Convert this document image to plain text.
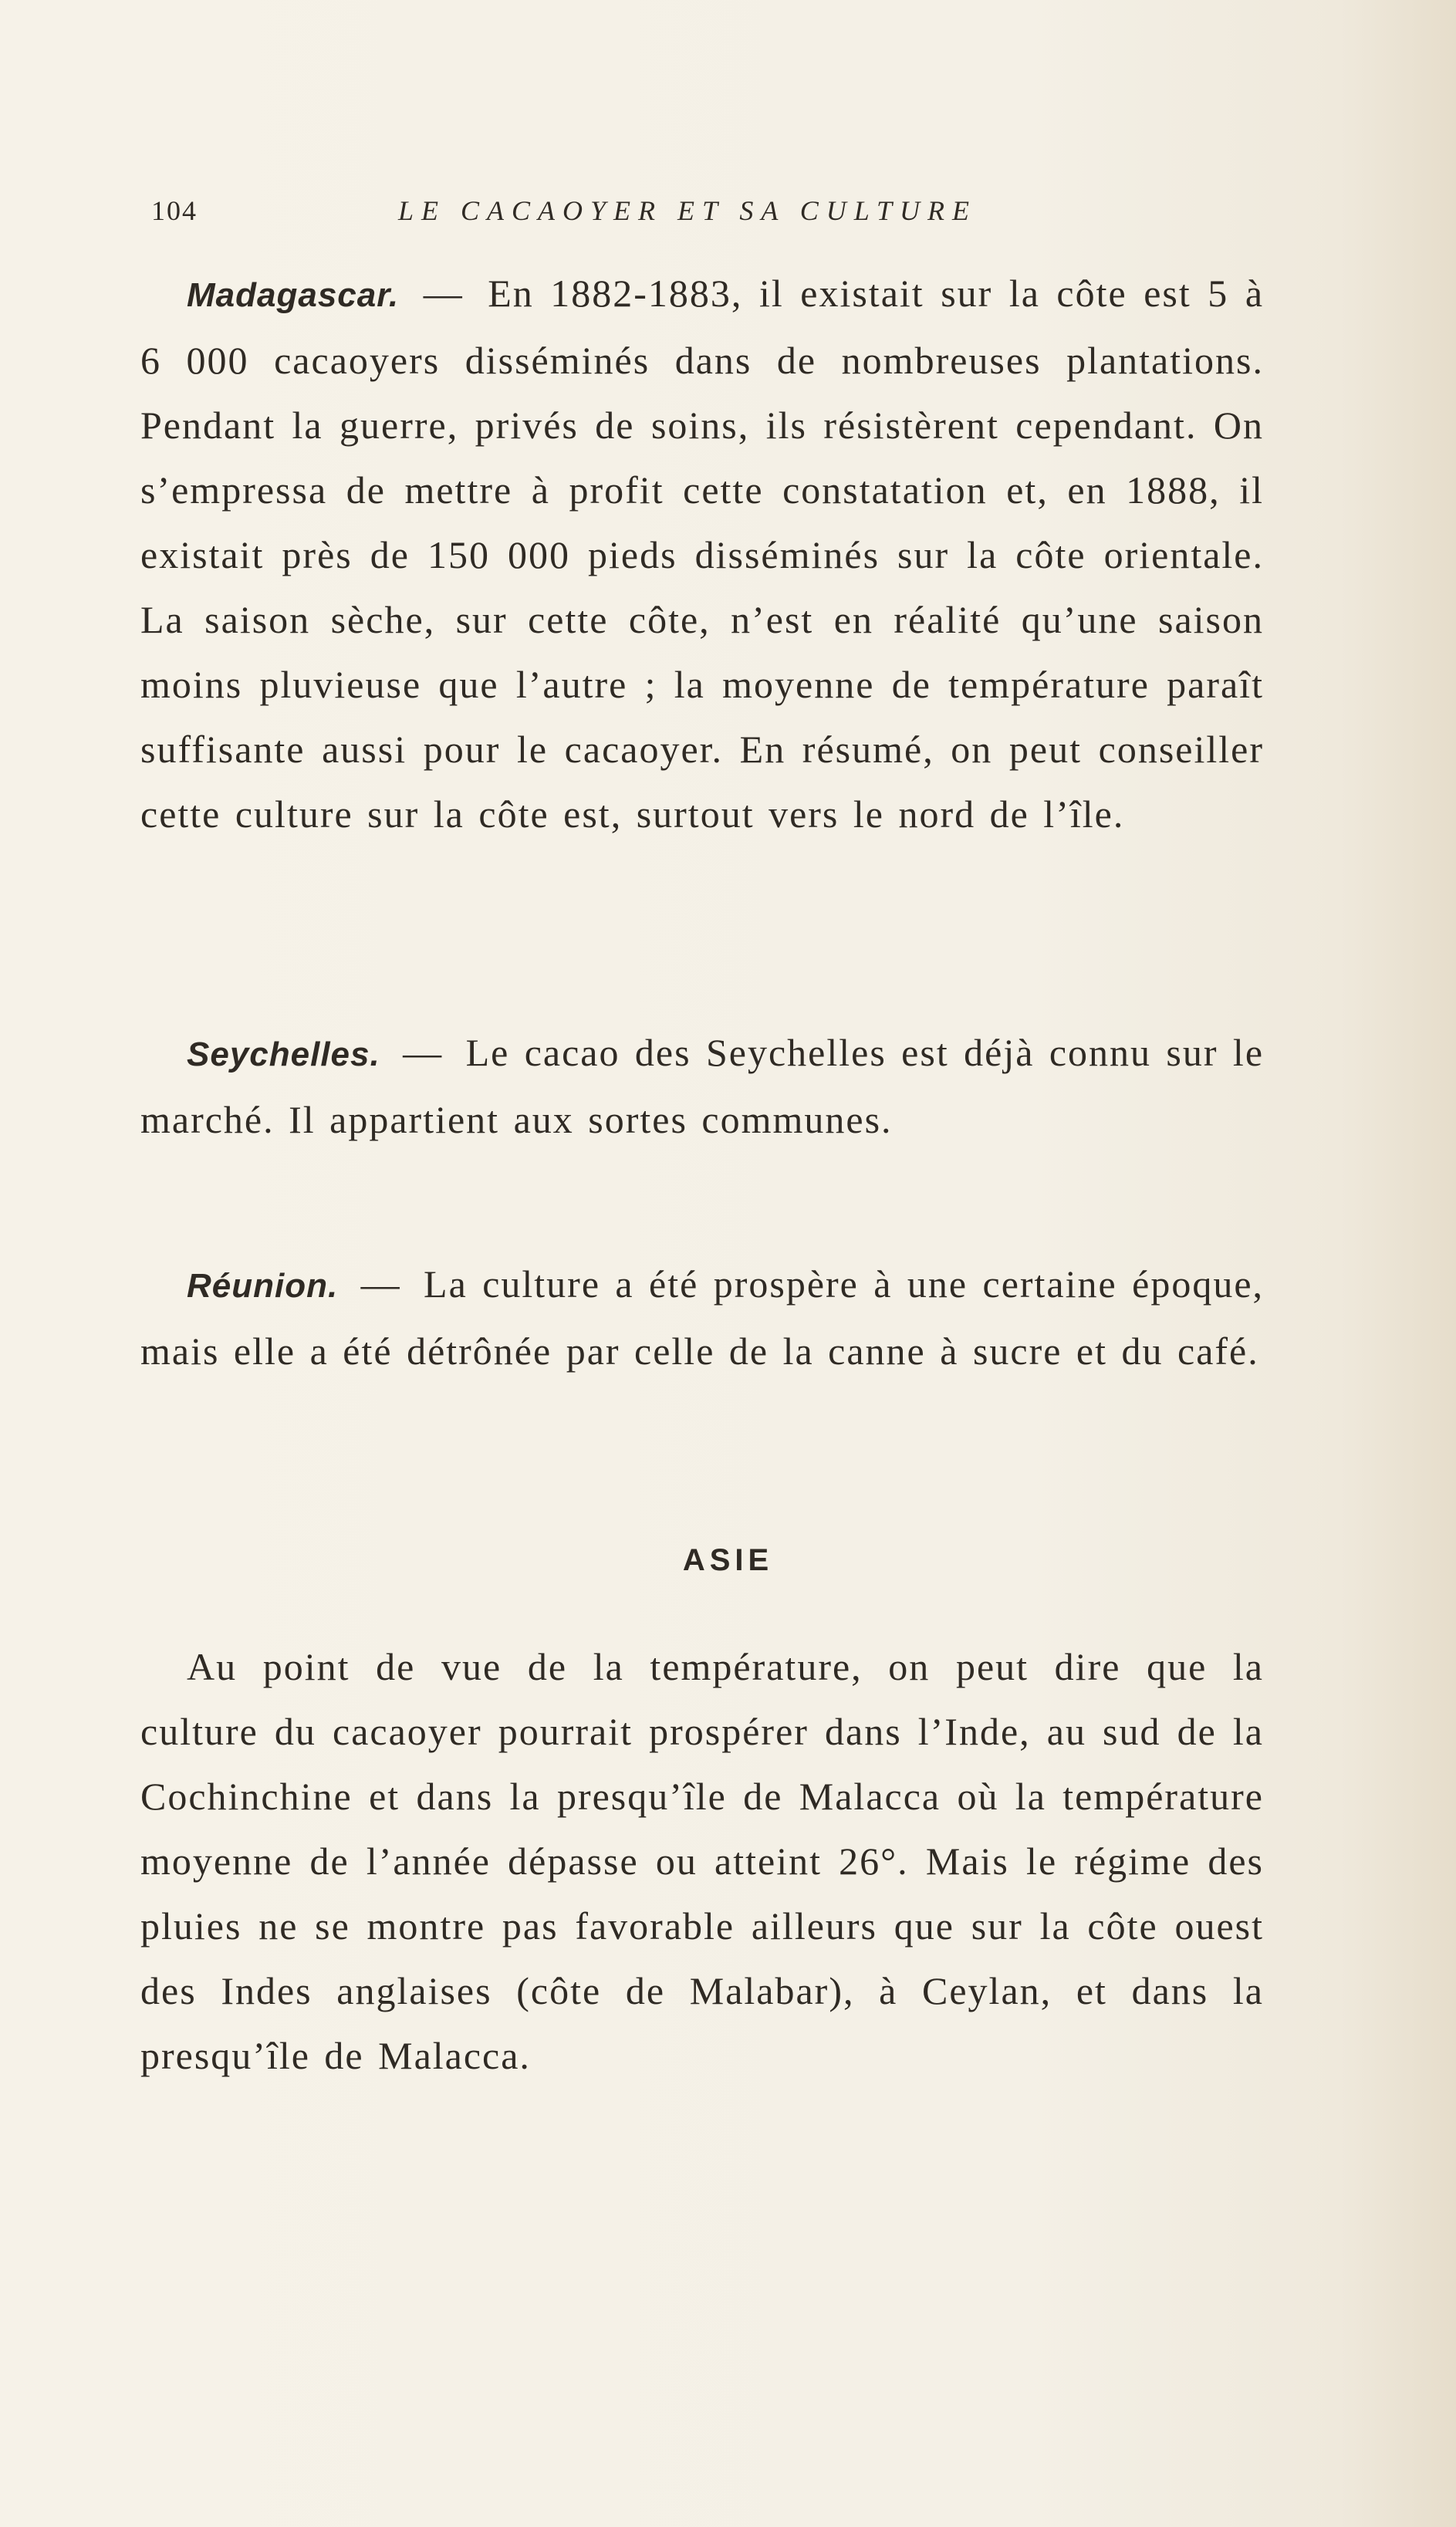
104	LE CACAOYER ET SA CULTURE

Madagascar. — En 1882-1883, il existait sur la côte est 5 à 6 000 cacaoyers disséminés dans de nombreuses plantations. Pendant la guerre, privés de soins, ils résistèrent cependant. On s’empressa de mettre à profit cette constatation et, en 1888, il existait près de 150 000 pieds disséminés sur la côte orientale. La saison sèche, sur cette côte, n’est en réalité qu’une saison moins pluvieuse que l’autre ; la moyenne de température paraît suffisante aussi pour le cacaoyer. En résumé, on peut conseiller cette culture sur la côte est, surtout vers le nord de l’île.

Seychelles. — Le cacao des Seychelles est déjà connu sur le marché. Il appartient aux sortes communes.

Réunion. — La culture a été prospère à une certaine époque, mais elle a été détrônée par celle de la canne à sucre et du café.

ASIE

Au point de vue de la température, on peut dire que la culture du cacaoyer pourrait prospérer dans l’Inde, au sud de la Cochinchine et dans la presqu’île de Malacca où la température moyenne de l’année dépasse ou atteint 26°. Mais le régime des pluies ne se montre pas favorable ailleurs que sur la côte ouest des Indes anglaises (côte de Malabar), à Ceylan, et dans la presqu’île de Malacca.
